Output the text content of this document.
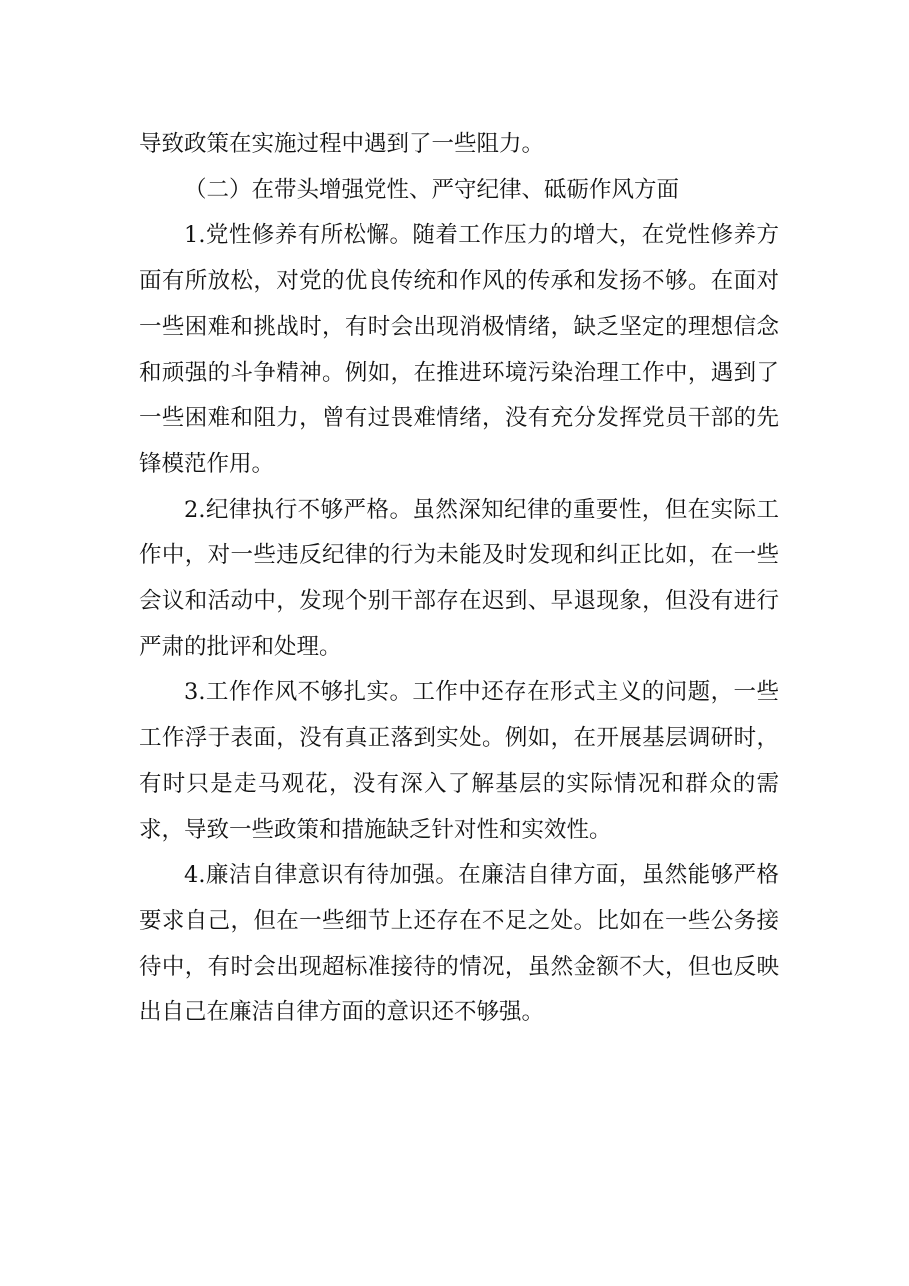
导致政策在实施过程中遇到了一些阻力。

（二）在带头增强党性、严守纪律、砥砺作风方面

1.党性修养有所松懈。随着工作压力的增大，在党性修养方面有所放松，对党的优良传统和作风的传承和发扬不够。在面对一些困难和挑战时，有时会出现消极情绪，缺乏坚定的理想信念和顽强的斗争精神。例如，在推进环境污染治理工作中，遇到了一些困难和阻力，曾有过畏难情绪，没有充分发挥党员干部的先锋模范作用。

2.纪律执行不够严格。虽然深知纪律的重要性，但在实际工作中，对一些违反纪律的行为未能及时发现和纠正比如，在一些会议和活动中，发现个别干部存在迟到、早退现象，但没有进行严肃的批评和处理。

3.工作作风不够扎实。工作中还存在形式主义的问题，一些工作浮于表面，没有真正落到实处。例如，在开展基层调研时，有时只是走马观花，没有深入了解基层的实际情况和群众的需求，导致一些政策和措施缺乏针对性和实效性。

4.廉洁自律意识有待加强。在廉洁自律方面，虽然能够严格要求自己，但在一些细节上还存在不足之处。比如在一些公务接待中，有时会出现超标准接待的情况，虽然金额不大，但也反映出自己在廉洁自律方面的意识还不够强。
